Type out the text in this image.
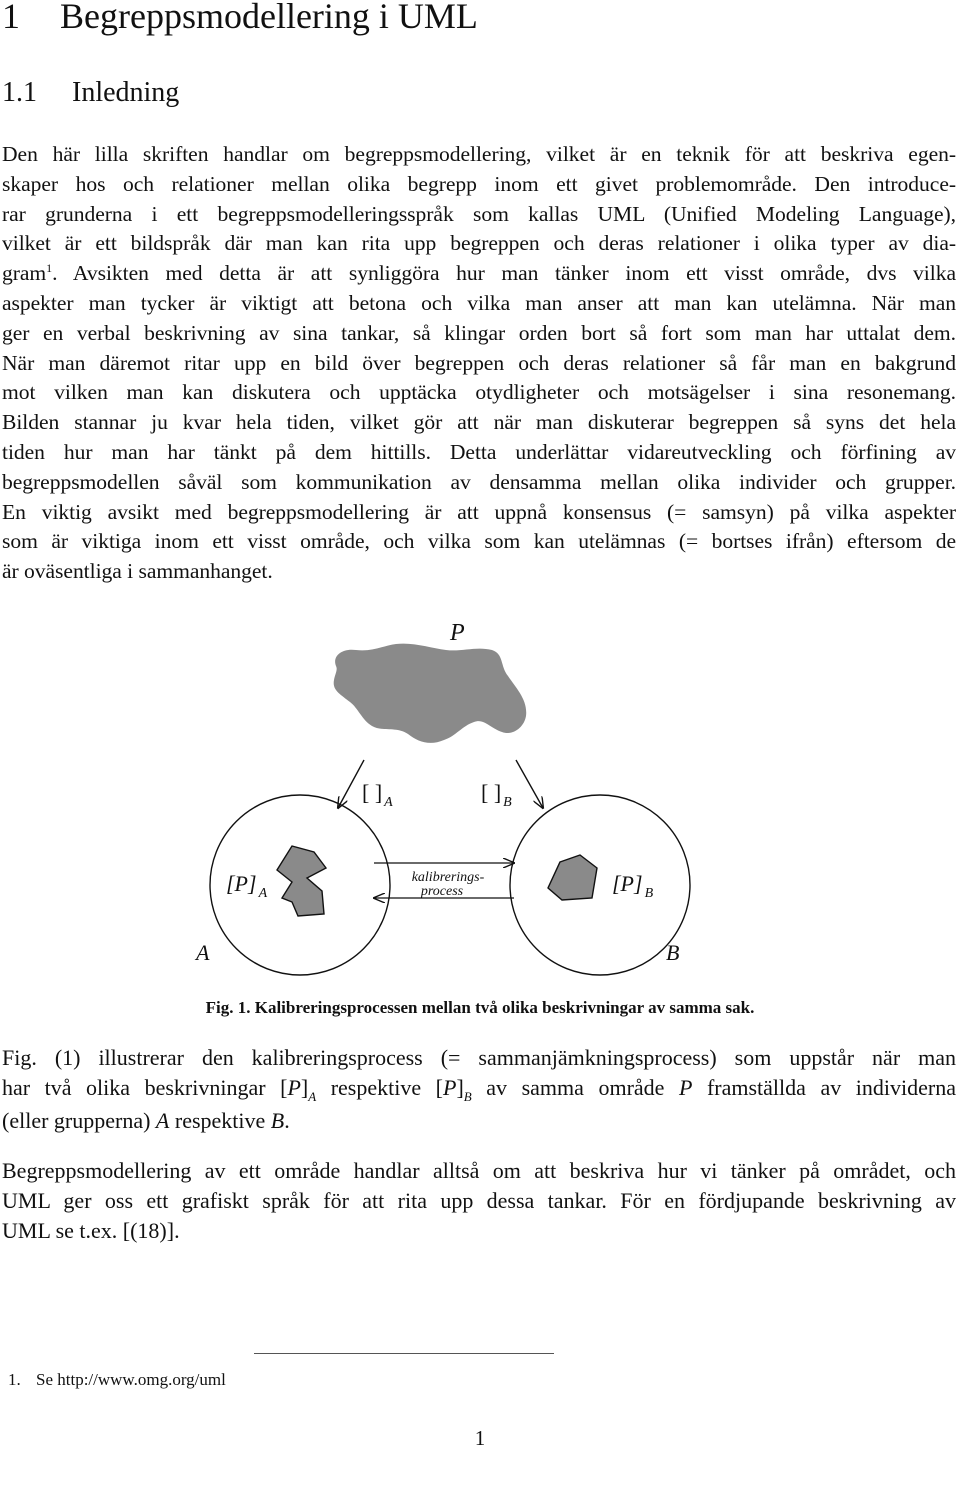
1 Begreppsmodellering i UML
1.1 Inledning
Den här lilla skriften handlar om begreppsmodellering, vilket är en teknik för att beskriva egen-
skaper hos och relationer mellan olika begrepp inom ett givet problemområde. Den introduce-
rar grunderna i ett begreppsmodelleringsspråk som kallas UML (Unified Modeling Language),
vilket är ett bildspråk där man kan rita upp begreppen och deras relationer i olika typer av dia-
gram$^1$. Avsikten med detta är att synliggöra hur man tänker inom ett visst område, dvs vilka
aspekter man tycker är viktigt att betona och vilka man anser att man kan utelämna. När man
ger en verbal beskrivning av sina tankar, så klingar orden bort så fort som man har uttalat dem.
När man däremot ritar upp en bild över begreppen och deras relationer så får man en bakgrund
mot vilken man kan diskutera och upptäcka otydligheter och motsägelser i sina resonemang.
Bilden stannar ju kvar hela tiden, vilket gör att när man diskuterar begreppen så syns det hela
tiden hur man har tänkt på dem hittills. Detta underlättar vidareutveckling och förfining av
begreppsmodellen såväl som kommunikation av densamma mellan olika individer och grupper.
En viktig avsikt med begreppsmodellering är att uppnå konsensus (= samsyn) på vilka aspekter
som är viktiga inom ett visst område, och vilka som kan utelämnas (= bortses ifrån) eftersom de
är oväsentliga i sammanhanget.
P
[ ] $_A$	[ ] $_B$
[P] $_A$	[P] $_B$
kalibrerings-
process
A	B
Fig. 1. Kalibreringsprocessen mellan två olika beskrivningar av samma sak.
Fig. (1) illustrerar den kalibreringsprocess (= sammanjämkningsprocess) som uppstår när man
har två olika beskrivningar $[P]_A$ respektive $[P]_B$ av samma område P framställda av individerna
(eller grupperna) A respektive B.
Begreppsmodellering av ett område handlar alltså om att beskriva hur vi tänker på området, och
UML ger oss ett grafiskt språk för att rita upp dessa tankar. För en fördjupande beskrivning av
UML se t.ex. [(18)].
1. Se http://www.omg.org/uml
1
